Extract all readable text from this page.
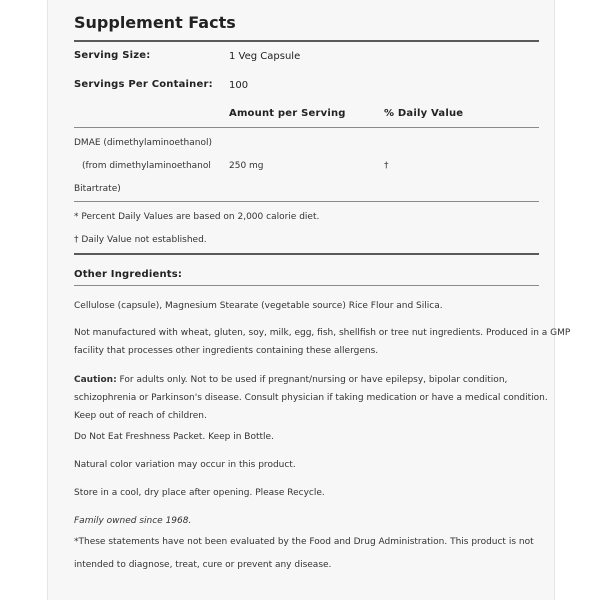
Supplement Facts
Serving Size:	1 Veg Capsule
Servings Per Container: 100
Amount per Serving	% Daily Value
DMAE (dimethylaminoethanol)
(from dimethylaminoethanol 250 mg	†
Bitartrate)
* Percent Daily Values are based on 2,000 calorie diet.
† Daily Value not established.
Other Ingredients:
Cellulose (capsule), Magnesium Stearate (vegetable source) Rice Flour and Silica.
Not manufactured with wheat, gluten, soy, milk, egg, fish, shellfish or tree nut ingredients. Produced in a GMP
facility that processes other ingredients containing these allergens.
Caution: For adults only. Not to be used if pregnant/nursing or have epilepsy, bipolar condition,
schizophrenia or Parkinson's disease. Consult physician if taking medication or have a medical condition.
Keep out of reach of children.
Do Not Eat Freshness Packet. Keep in Bottle.
Natural color variation may occur in this product.
Store in a cool, dry place after opening. Please Recycle.
Family owned since 1968.
*These statements have not been evaluated by the Food and Drug Administration. This product is not
intended to diagnose, treat, cure or prevent any disease.
